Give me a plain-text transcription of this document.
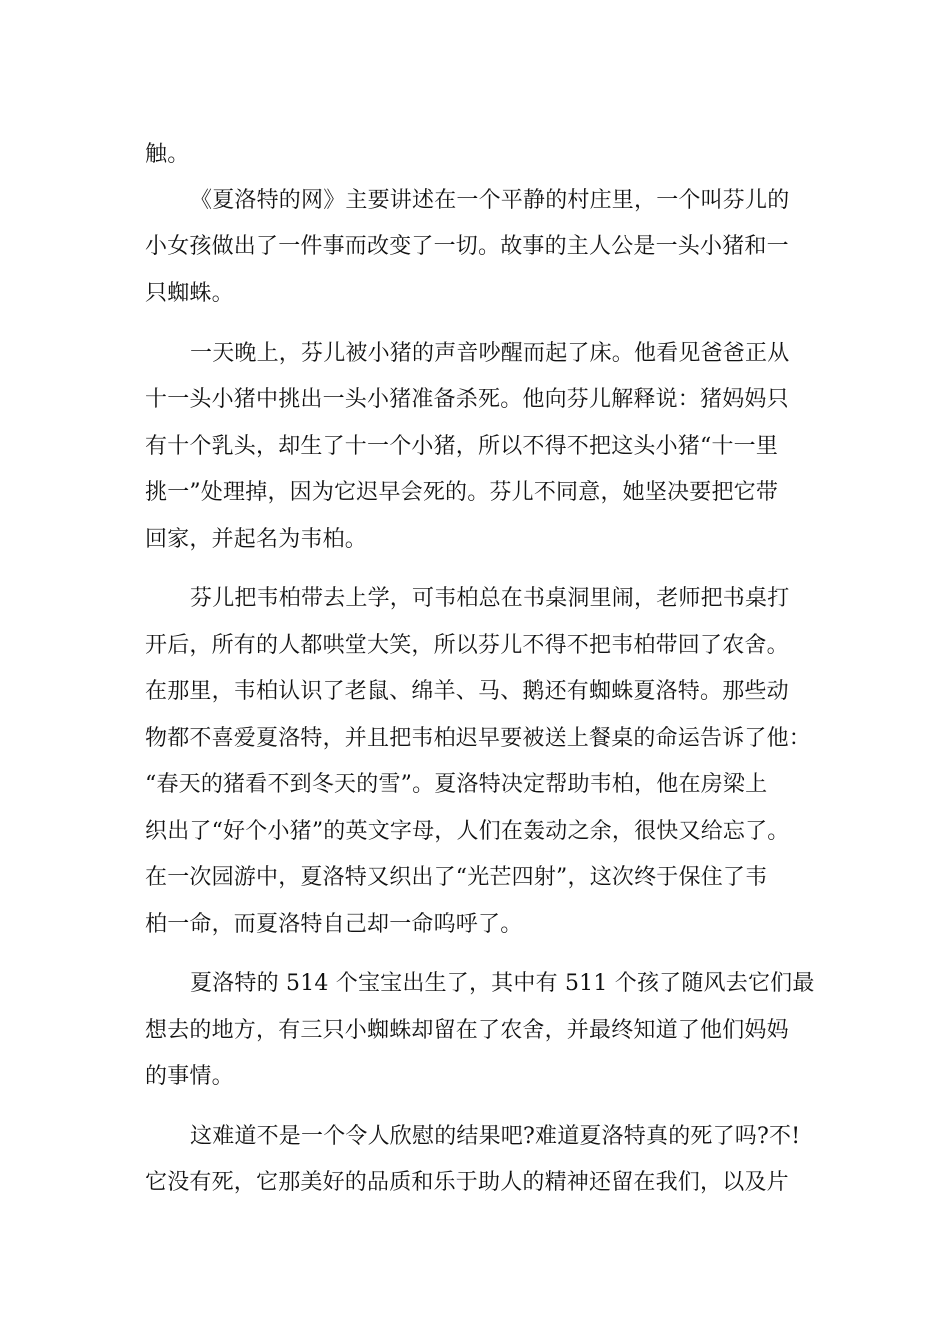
触。
《夏洛特的网》主要讲述在一个平静的村庄里，一个叫芬儿的
小女孩做出了一件事而改变了一切。故事的主人公是一头小猪和一
只蜘蛛。
一天晚上，芬儿被小猪的声音吵醒而起了床。他看见爸爸正从
十一头小猪中挑出一头小猪准备杀死。他向芬儿解释说：猪妈妈只
有十个乳头，却生了十一个小猪，所以不得不把这头小猪“十一里
挑一”处理掉，因为它迟早会死的。芬儿不同意，她坚决要把它带
回家，并起名为韦柏。
芬儿把韦柏带去上学，可韦柏总在书桌洞里闹，老师把书桌打
开后，所有的人都哄堂大笑，所以芬儿不得不把韦柏带回了农舍。
在那里，韦柏认识了老鼠、绵羊、马、鹅还有蜘蛛夏洛特。那些动
物都不喜爱夏洛特，并且把韦柏迟早要被送上餐桌的命运告诉了他：
“春天的猪看不到冬天的雪”。夏洛特决定帮助韦柏，他在房梁上
织出了“好个小猪”的英文字母，人们在轰动之余，很快又给忘了。
在一次园游中，夏洛特又织出了“光芒四射”，这次终于保住了韦
柏一命，而夏洛特自己却一命呜呼了。
夏洛特的 514 个宝宝出生了，其中有 511 个孩了随风去它们最
想去的地方，有三只小蜘蛛却留在了农舍，并最终知道了他们妈妈
的事情。
这难道不是一个令人欣慰的结果吧?难道夏洛特真的死了吗?不!
它没有死，它那美好的品质和乐于助人的精神还留在我们，以及片
